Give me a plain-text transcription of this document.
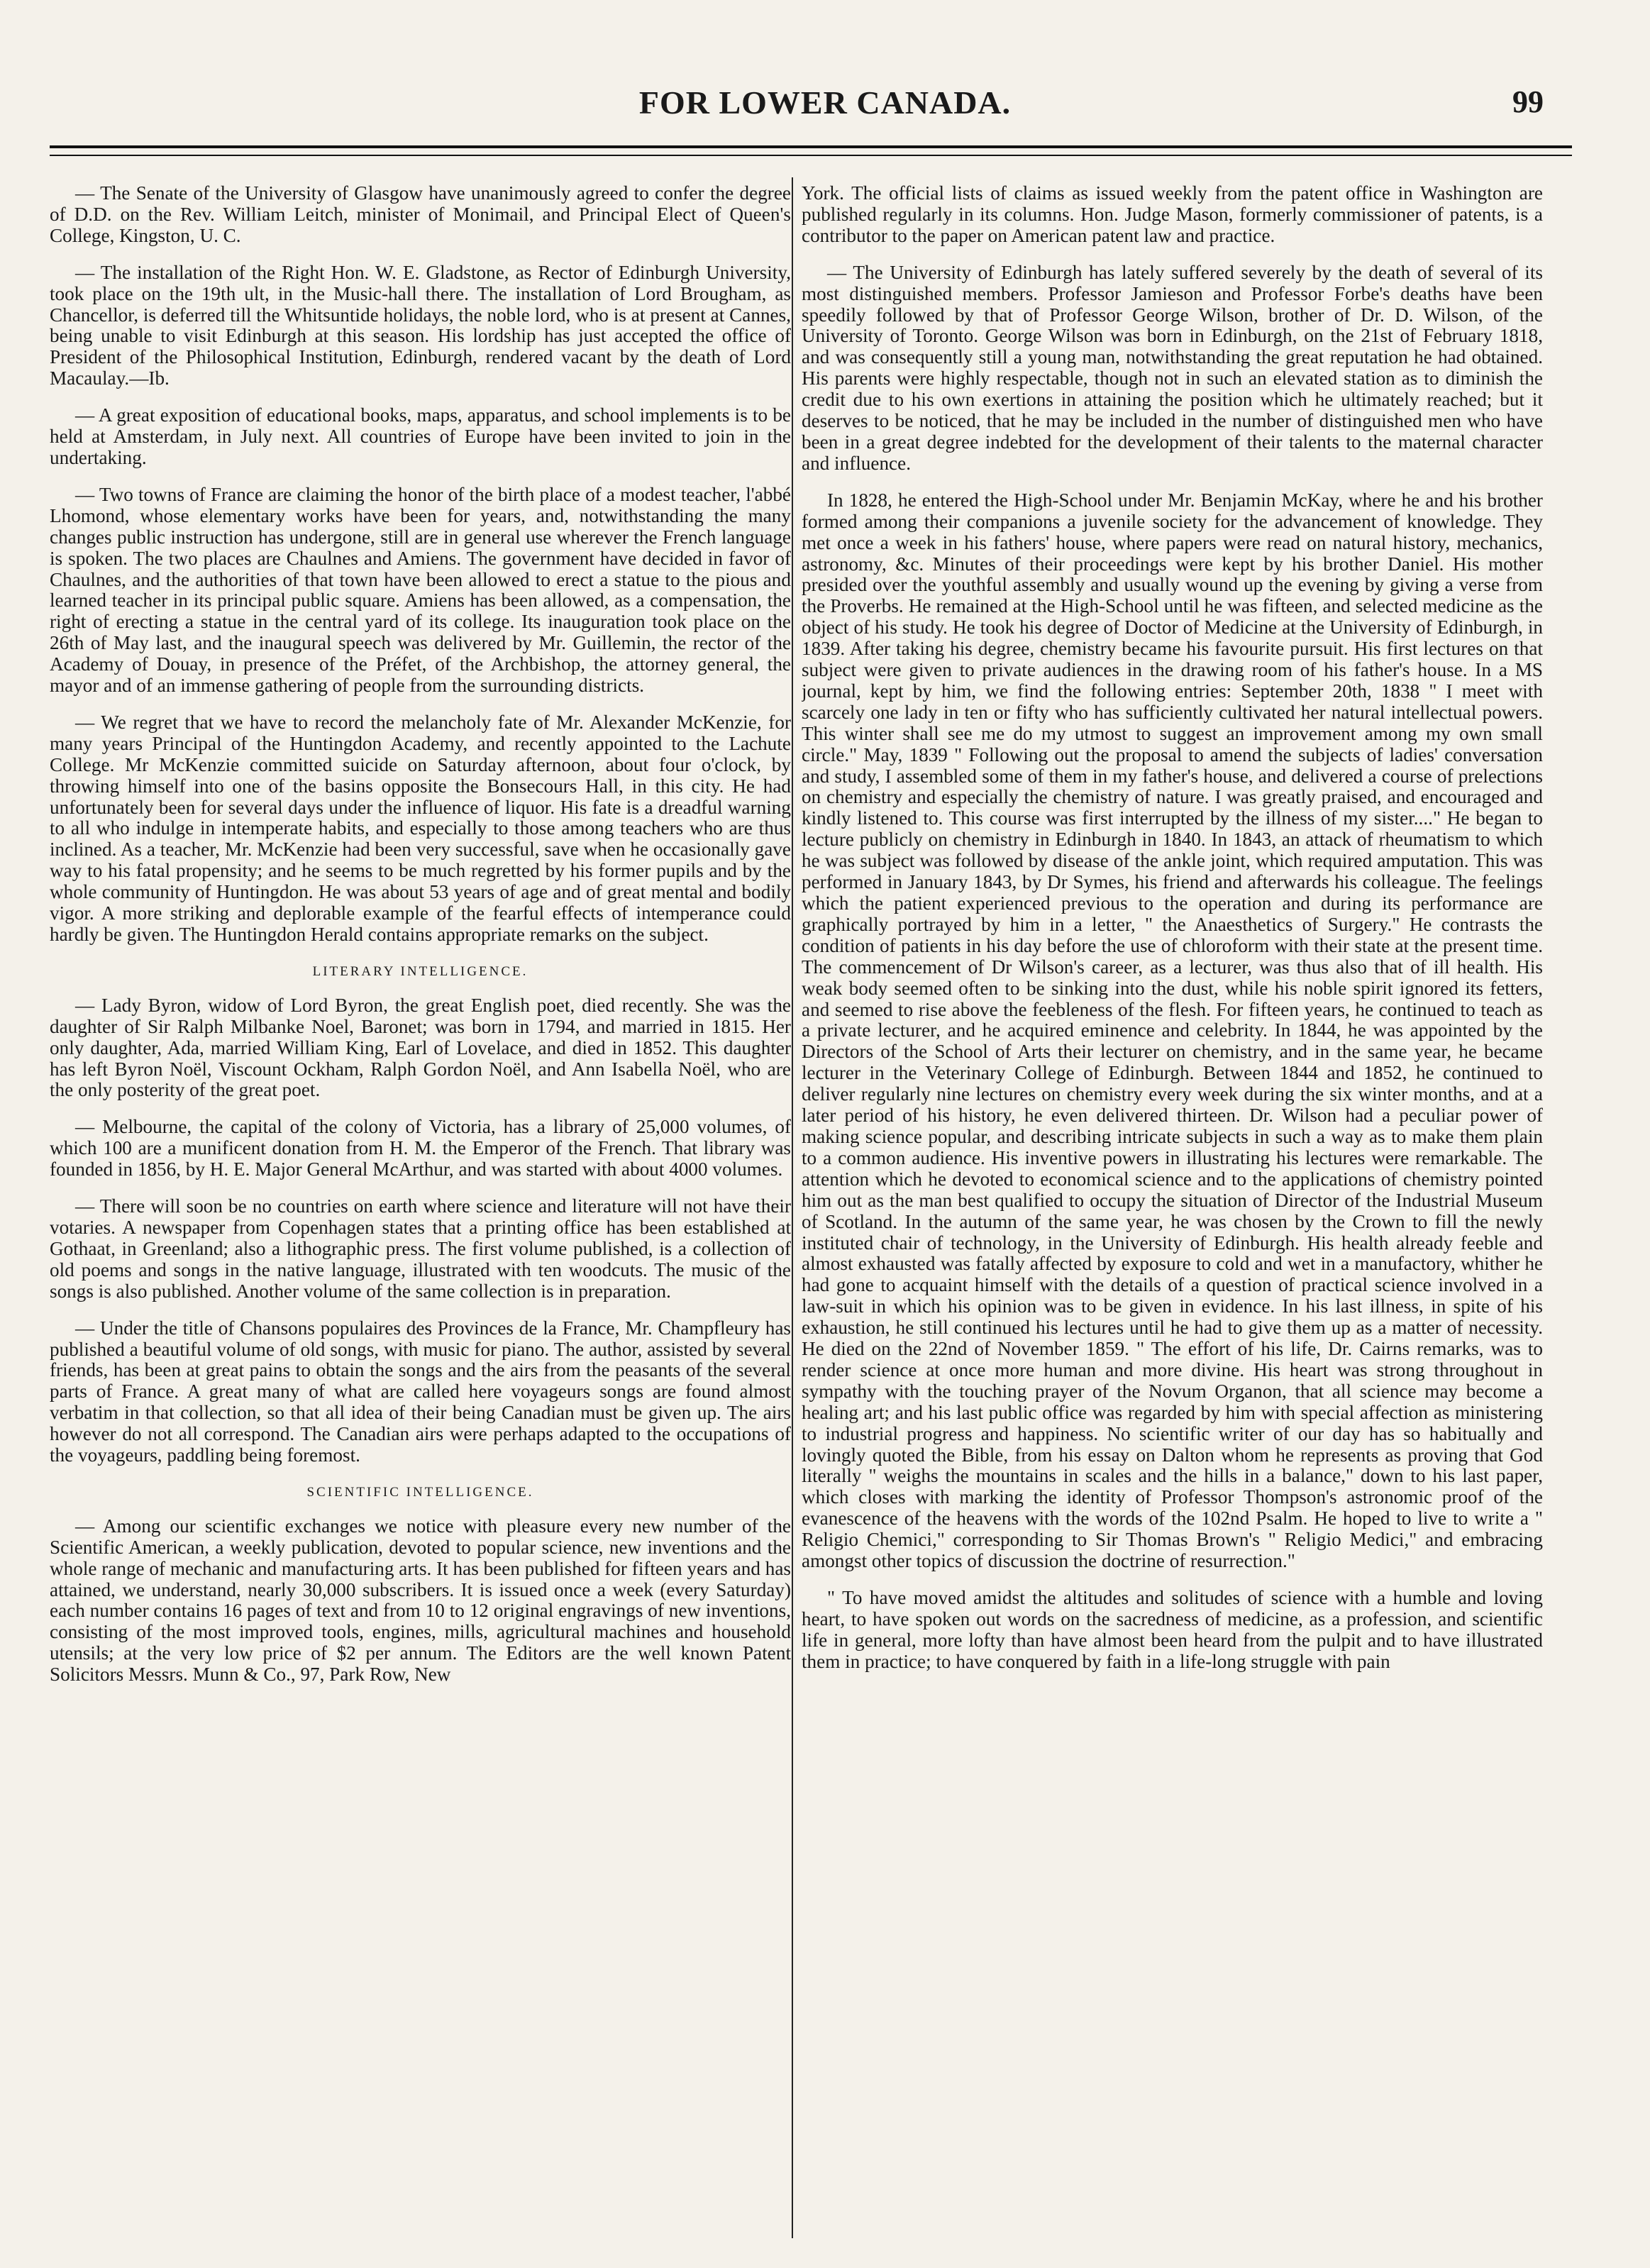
FOR LOWER CANADA.	99

— The Senate of the University of Glasgow have unanimously agreed to confer the degree of D.D. on the Rev. William Leitch, minister of Monimail, and Principal Elect of Queen's College, Kingston, U. C.

— The installation of the Right Hon. W. E. Gladstone, as Rector of Edinburgh University, took place on the 19th ult, in the Music-hall there. The installation of Lord Brougham, as Chancellor, is deferred till the Whitsuntide holidays, the noble lord, who is at present at Cannes, being unable to visit Edinburgh at this season. His lordship has just accepted the office of President of the Philosophical Institution, Edinburgh, rendered vacant by the death of Lord Macaulay.—Ib.

— A great exposition of educational books, maps, apparatus, and school implements is to be held at Amsterdam, in July next. All countries of Europe have been invited to join in the undertaking.

— Two towns of France are claiming the honor of the birth place of a modest teacher, l'abbé Lhomond, whose elementary works have been for years, and, notwithstanding the many changes public instruction has undergone, still are in general use wherever the French language is spoken. The two places are Chaulnes and Amiens. The government have decided in favor of Chaulnes, and the authorities of that town have been allowed to erect a statue to the pious and learned teacher in its principal public square. Amiens has been allowed, as a compensation, the right of erecting a statue in the central yard of its college. Its inauguration took place on the 26th of May last, and the inaugural speech was delivered by Mr. Guillemin, the rector of the Academy of Douay, in presence of the Préfet, of the Archbishop, the attorney general, the mayor and of an immense gathering of people from the surrounding districts.

— We regret that we have to record the melancholy fate of Mr. Alexander McKenzie, for many years Principal of the Huntingdon Academy, and recently appointed to the Lachute College. Mr McKenzie committed suicide on Saturday afternoon, about four o'clock, by throwing himself into one of the basins opposite the Bonsecours Hall, in this city. He had unfortunately been for several days under the influence of liquor. His fate is a dreadful warning to all who indulge in intemperate habits, and especially to those among teachers who are thus inclined. As a teacher, Mr. McKenzie had been very successful, save when he occasionally gave way to his fatal propensity; and he seems to be much regretted by his former pupils and by the whole community of Huntingdon. He was about 53 years of age and of great mental and bodily vigor. A more striking and deplorable example of the fearful effects of intemperance could hardly be given. The Huntingdon Herald contains appropriate remarks on the subject.

LITERARY INTELLIGENCE.

— Lady Byron, widow of Lord Byron, the great English poet, died recently. She was the daughter of Sir Ralph Milbanke Noel, Baronet; was born in 1794, and married in 1815. Her only daughter, Ada, married William King, Earl of Lovelace, and died in 1852. This daughter has left Byron Noël, Viscount Ockham, Ralph Gordon Noël, and Ann Isabella Noël, who are the only posterity of the great poet.

— Melbourne, the capital of the colony of Victoria, has a library of 25,000 volumes, of which 100 are a munificent donation from H. M. the Emperor of the French. That library was founded in 1856, by H. E. Major General McArthur, and was started with about 4000 volumes.

— There will soon be no countries on earth where science and literature will not have their votaries. A newspaper from Copenhagen states that a printing office has been established at Gothaat, in Greenland; also a lithographic press. The first volume published, is a collection of old poems and songs in the native language, illustrated with ten woodcuts. The music of the songs is also published. Another volume of the same collection is in preparation.

— Under the title of Chansons populaires des Provinces de la France, Mr. Champfleury has published a beautiful volume of old songs, with music for piano. The author, assisted by several friends, has been at great pains to obtain the songs and the airs from the peasants of the several parts of France. A great many of what are called here voyageurs songs are found almost verbatim in that collection, so that all idea of their being Canadian must be given up. The airs however do not all correspond. The Canadian airs were perhaps adapted to the occupations of the voyageurs, paddling being foremost.

SCIENTIFIC INTELLIGENCE.

— Among our scientific exchanges we notice with pleasure every new number of the Scientific American, a weekly publication, devoted to popular science, new inventions and the whole range of mechanic and manufacturing arts. It has been published for fifteen years and has attained, we understand, nearly 30,000 subscribers. It is issued once a week (every Saturday) each number contains 16 pages of text and from 10 to 12 original engravings of new inventions, consisting of the most improved tools, engines, mills, agricultural machines and household utensils; at the very low price of $2 per annum. The Editors are the well known Patent Solicitors Messrs. Munn & Co., 97, Park Row, New

York. The official lists of claims as issued weekly from the patent office in Washington are published regularly in its columns. Hon. Judge Mason, formerly commissioner of patents, is a contributor to the paper on American patent law and practice.

— The University of Edinburgh has lately suffered severely by the death of several of its most distinguished members. Professor Jamieson and Professor Forbe's deaths have been speedily followed by that of Professor George Wilson, brother of Dr. D. Wilson, of the University of Toronto. George Wilson was born in Edinburgh, on the 21st of February 1818, and was consequently still a young man, notwithstanding the great reputation he had obtained. His parents were highly respectable, though not in such an elevated station as to diminish the credit due to his own exertions in attaining the position which he ultimately reached; but it deserves to be noticed, that he may be included in the number of distinguished men who have been in a great degree indebted for the development of their talents to the maternal character and influence.

In 1828, he entered the High-School under Mr. Benjamin McKay, where he and his brother formed among their companions a juvenile society for the advancement of knowledge. They met once a week in his fathers' house, where papers were read on natural history, mechanics, astronomy, &c. Minutes of their proceedings were kept by his brother Daniel. His mother presided over the youthful assembly and usually wound up the evening by giving a verse from the Proverbs. He remained at the High-School until he was fifteen, and selected medicine as the object of his study. He took his degree of Doctor of Medicine at the University of Edinburgh, in 1839. After taking his degree, chemistry became his favourite pursuit. His first lectures on that subject were given to private audiences in the drawing room of his father's house. In a MS journal, kept by him, we find the following entries: September 20th, 1838 " I meet with scarcely one lady in ten or fifty who has sufficiently cultivated her natural intellectual powers. This winter shall see me do my utmost to suggest an improvement among my own small circle." May, 1839 " Following out the proposal to amend the subjects of ladies' conversation and study, I assembled some of them in my father's house, and delivered a course of prelections on chemistry and especially the chemistry of nature. I was greatly praised, and encouraged and kindly listened to. This course was first interrupted by the illness of my sister...." He began to lecture publicly on chemistry in Edinburgh in 1840. In 1843, an attack of rheumatism to which he was subject was followed by disease of the ankle joint, which required amputation. This was performed in January 1843, by Dr Symes, his friend and afterwards his colleague. The feelings which the patient experienced previous to the operation and during its performance are graphically portrayed by him in a letter, " the Anaesthetics of Surgery." He contrasts the condition of patients in his day before the use of chloroform with their state at the present time. The commencement of Dr Wilson's career, as a lecturer, was thus also that of ill health. His weak body seemed often to be sinking into the dust, while his noble spirit ignored its fetters, and seemed to rise above the feebleness of the flesh. For fifteen years, he continued to teach as a private lecturer, and he acquired eminence and celebrity. In 1844, he was appointed by the Directors of the School of Arts their lecturer on chemistry, and in the same year, he became lecturer in the Veterinary College of Edinburgh. Between 1844 and 1852, he continued to deliver regularly nine lectures on chemistry every week during the six winter months, and at a later period of his history, he even delivered thirteen. Dr. Wilson had a peculiar power of making science popular, and describing intricate subjects in such a way as to make them plain to a common audience. His inventive powers in illustrating his lectures were remarkable. The attention which he devoted to economical science and to the applications of chemistry pointed him out as the man best qualified to occupy the situation of Director of the Industrial Museum of Scotland. In the autumn of the same year, he was chosen by the Crown to fill the newly instituted chair of technology, in the University of Edinburgh. His health already feeble and almost exhausted was fatally affected by exposure to cold and wet in a manufactory, whither he had gone to acquaint himself with the details of a question of practical science involved in a law-suit in which his opinion was to be given in evidence. In his last illness, in spite of his exhaustion, he still continued his lectures until he had to give them up as a matter of necessity. He died on the 22nd of November 1859. " The effort of his life, Dr. Cairns remarks, was to render science at once more human and more divine. His heart was strong throughout in sympathy with the touching prayer of the Novum Organon, that all science may become a healing art; and his last public office was regarded by him with special affection as ministering to industrial progress and happiness. No scientific writer of our day has so habitually and lovingly quoted the Bible, from his essay on Dalton whom he represents as proving that God literally " weighs the mountains in scales and the hills in a balance," down to his last paper, which closes with marking the identity of Professor Thompson's astronomic proof of the evanescence of the heavens with the words of the 102nd Psalm. He hoped to live to write a " Religio Chemici," corresponding to Sir Thomas Brown's " Religio Medici," and embracing amongst other topics of discussion the doctrine of resurrection."

" To have moved amidst the altitudes and solitudes of science with a humble and loving heart, to have spoken out words on the sacredness of medicine, as a profession, and scientific life in general, more lofty than have almost been heard from the pulpit and to have illustrated them in practice; to have conquered by faith in a life-long struggle with pain
